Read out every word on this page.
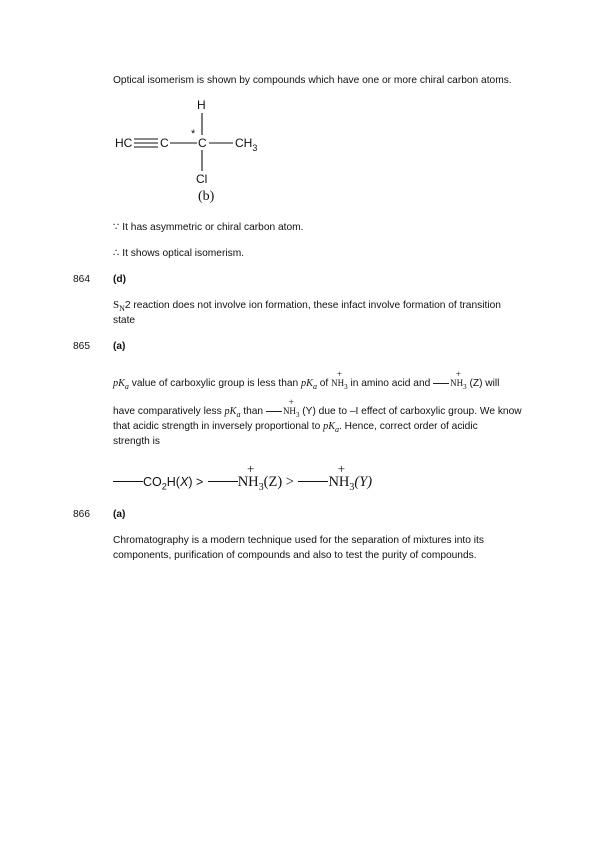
Optical isomerism is shown by compounds which have one or more chiral carbon atoms.
H
HC C
*
C $CH_3$
Cl
(b)
∵ It has asymmetric or chiral carbon atom.
∴ It shows optical isomerism.
864 (d)
$S_N2$ reaction does not involve ion formation, these infact involve formation of transition
state
865 (a)
$pK_a$ value of carboxylic group is less than $pK_a$ of
+
$NH_3$ in amino acid and
+
$NH_3$ (Z) will
have comparatively less $pK_a$ than
+
$NH_3$ (Y) due to –I effect of carboxylic group. We know
that acidic strength in inversely proportional to $pK_a$. Hence, correct order of acidic
strength is
$CO_2H(X)$ >
+
$NH_3(Z)$ >
+
$NH_3(Y)$
866 (a)
Chromatography is a modern technique used for the separation of mixtures into its
components, purification of compounds and also to test the purity of compounds.
